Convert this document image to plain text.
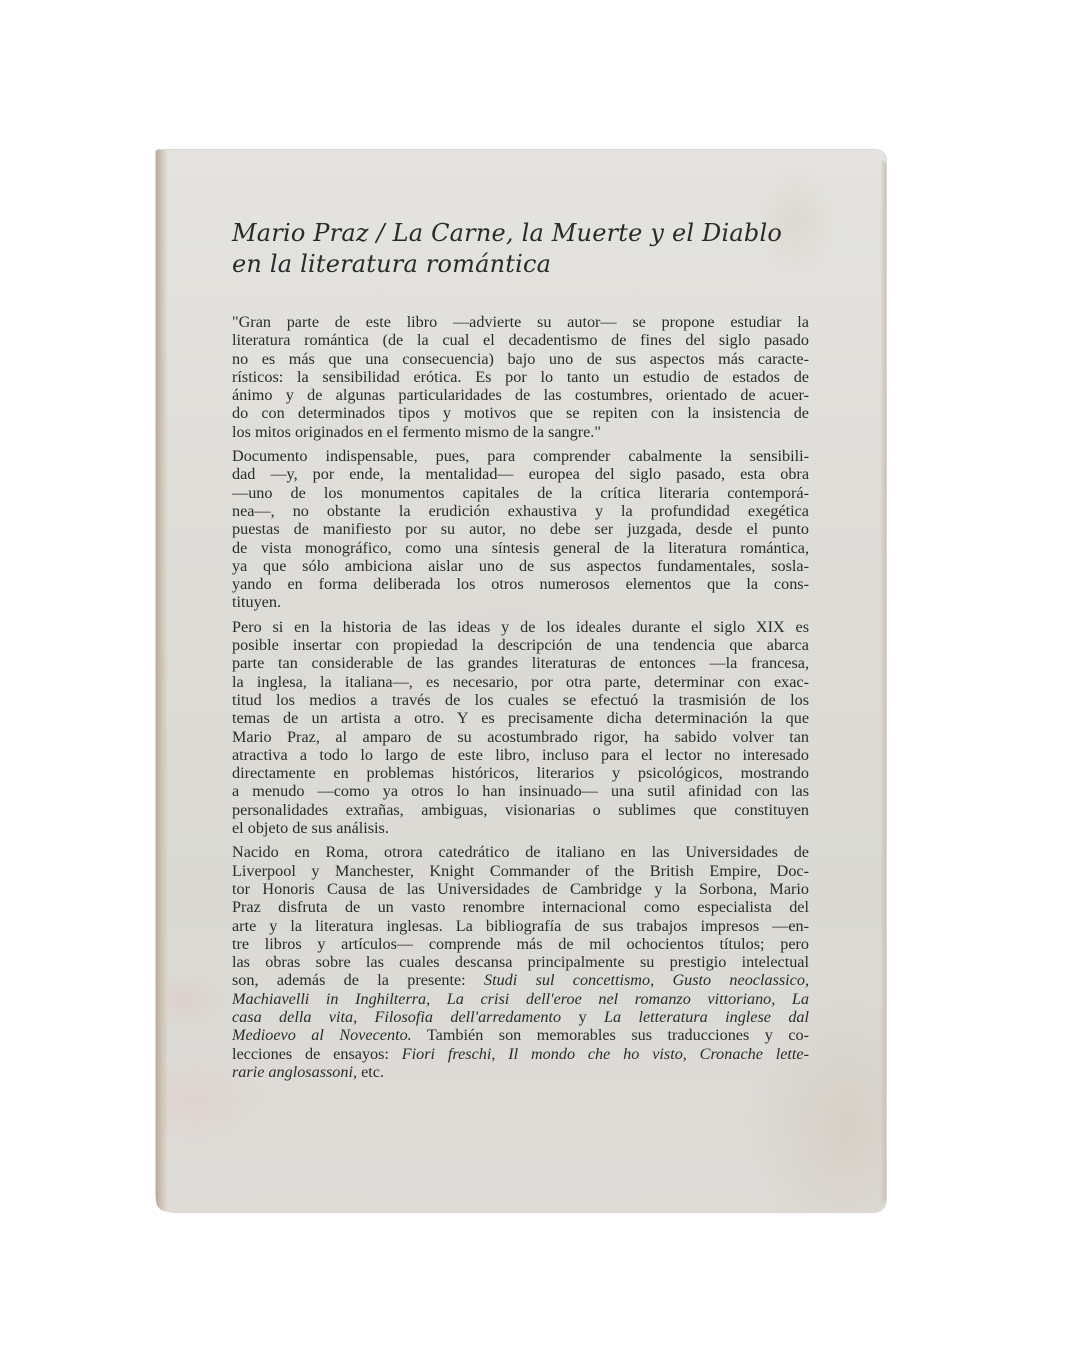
Mario Praz / La Carne, la Muerte y el Diablo
en la literatura romántica
"Gran parte de este libro —advierte su autor— se propone estudiar la
literatura romántica (de la cual el decadentismo de fines del siglo pasado
no es más que una consecuencia) bajo uno de sus aspectos más caracte-
rísticos: la sensibilidad erótica. Es por lo tanto un estudio de estados de
ánimo y de algunas particularidades de las costumbres, orientado de acuer-
do con determinados tipos y motivos que se repiten con la insistencia de
los mitos originados en el fermento mismo de la sangre."
Documento indispensable, pues, para comprender cabalmente la sensibili-
dad —y, por ende, la mentalidad— europea del siglo pasado, esta obra
—uno de los monumentos capitales de la crítica literaria contemporá-
nea—, no obstante la erudición exhaustiva y la profundidad exegética
puestas de manifiesto por su autor, no debe ser juzgada, desde el punto
de vista monográfico, como una síntesis general de la literatura romántica,
ya que sólo ambiciona aislar uno de sus aspectos fundamentales, sosla-
yando en forma deliberada los otros numerosos elementos que la cons-
tituyen.
Pero si en la historia de las ideas y de los ideales durante el siglo XIX es
posible insertar con propiedad la descripción de una tendencia que abarca
parte tan considerable de las grandes literaturas de entonces —la francesa,
la inglesa, la italiana—, es necesario, por otra parte, determinar con exac-
titud los medios a través de los cuales se efectuó la trasmisión de los
temas de un artista a otro. Y es precisamente dicha determinación la que
Mario Praz, al amparo de su acostumbrado rigor, ha sabido volver tan
atractiva a todo lo largo de este libro, incluso para el lector no interesado
directamente en problemas históricos, literarios y psicológicos, mostrando
a menudo —como ya otros lo han insinuado— una sutil afinidad con las
personalidades extrañas, ambiguas, visionarias o sublimes que constituyen
el objeto de sus análisis.
Nacido en Roma, otrora catedrático de italiano en las Universidades de
Liverpool y Manchester, Knight Commander of the British Empire, Doc-
tor Honoris Causa de las Universidades de Cambridge y la Sorbona, Mario
Praz disfruta de un vasto renombre internacional como especialista del
arte y la literatura inglesas. La bibliografía de sus trabajos impresos —en-
tre libros y artículos— comprende más de mil ochocientos títulos; pero
las obras sobre las cuales descansa principalmente su prestigio intelectual
son, además de la presente: Studi sul concettismo, Gusto neoclassico,
Machiavelli in Inghilterra, La crisi dell'eroe nel romanzo vittoriano, La
casa della vita, Filosofia dell'arredamento y La letteratura inglese dal
Medioevo al Novecento. También son memorables sus traducciones y co-
lecciones de ensayos: Fiori freschi, Il mondo che ho visto, Cronache lette-
rarie anglosassoni, etc.
